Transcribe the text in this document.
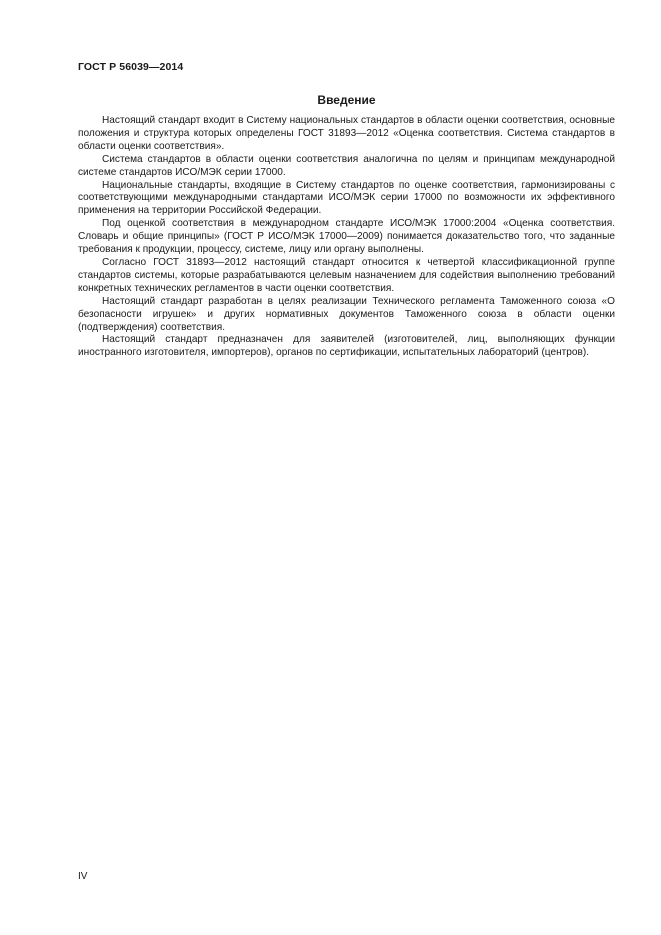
ГОСТ Р 56039—2014
Введение

Настоящий стандарт входит в Систему национальных стандартов в области оценки соответствия, основные положения и структура которых определены ГОСТ 31893—2012 «Оценка соответствия. Система стандартов в области оценки соответствия».

Система стандартов в области оценки соответствия аналогична по целям и принципам международной системе стандартов ИСО/МЭК серии 17000.

Национальные стандарты, входящие в Систему стандартов по оценке соответствия, гармонизированы с соответствующими международными стандартами ИСО/МЭК серии 17000 по возможности их эффективного применения на территории Российской Федерации.

Под оценкой соответствия в международном стандарте ИСО/МЭК 17000:2004 «Оценка соответствия. Словарь и общие принципы» (ГОСТ Р ИСО/МЭК 17000—2009) понимается доказательство того, что заданные требования к продукции, процессу, системе, лицу или органу выполнены.

Согласно ГОСТ 31893—2012 настоящий стандарт относится к четвертой классификационной группе стандартов системы, которые разрабатываются целевым назначением для содействия выполнению требований конкретных технических регламентов в части оценки соответствия.

Настоящий стандарт разработан в целях реализации Технического регламента Таможенного союза «О безопасности игрушек» и других нормативных документов Таможенного союза в области оценки (подтверждения) соответствия.

Настоящий стандарт предназначен для заявителей (изготовителей, лиц, выполняющих функции иностранного изготовителя, импортеров), органов по сертификации, испытательных лабораторий (центров).

IV
